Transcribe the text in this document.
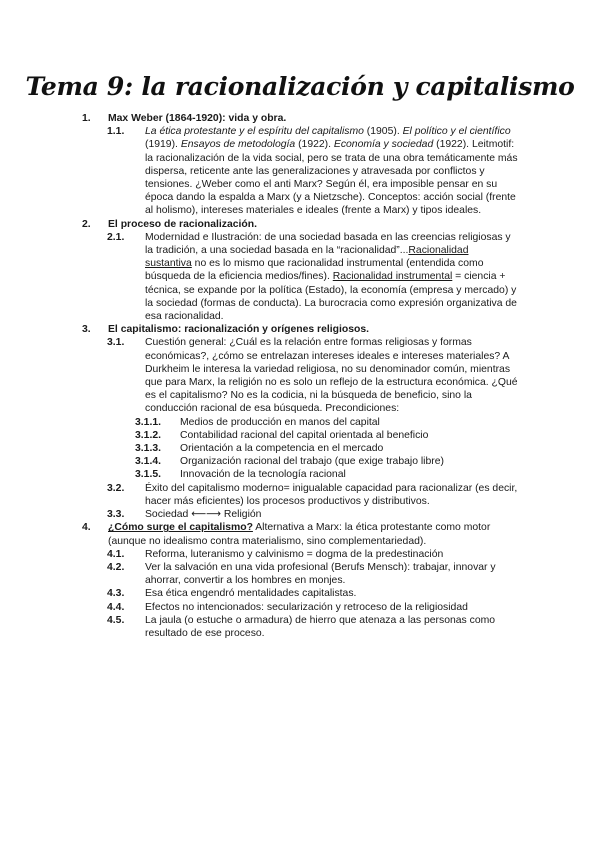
Tema 9: la racionalización y capitalismo
1. Max Weber (1864-1920): vida y obra.
1.1. La ética protestante y el espíritu del capitalismo (1905). El político y el científico (1919). Ensayos de metodología (1922). Economía y sociedad (1922). Leitmotif: la racionalización de la vida social, pero se trata de una obra temáticamente más dispersa, reticente ante las generalizaciones y atravesada por conflictos y tensiones. ¿Weber como el anti Marx? Según él, era imposible pensar en su época dando la espalda a Marx (y a Nietzsche). Conceptos: acción social (frente al holismo), intereses materiales e ideales (frente a Marx) y tipos ideales.
2. El proceso de racionalización.
2.1. Modernidad e Ilustración: de una sociedad basada en las creencias religiosas y la tradición, a una sociedad basada en la “racionalidad”...Racionalidad sustantiva no es lo mismo que racionalidad instrumental (entendida como búsqueda de la eficiencia medios/fines). Racionalidad instrumental = ciencia + técnica, se expande por la política (Estado), la economía (empresa y mercado) y la sociedad (formas de conducta). La burocracia como expresión organizativa de esa racionalidad.
3. El capitalismo: racionalización y orígenes religiosos.
3.1. Cuestión general: ¿Cuál es la relación entre formas religiosas y formas económicas?, ¿cómo se entrelazan intereses ideales e intereses materiales? A Durkheim le interesa la variedad religiosa, no su denominador común, mientras que para Marx, la religión no es solo un reflejo de la estructura económica. ¿Qué es el capitalismo? No es la codicia, ni la búsqueda de beneficio, sino la conducción racional de esa búsqueda. Precondiciones:
3.1.1. Medios de producción en manos del capital
3.1.2. Contabilidad racional del capital orientada al beneficio
3.1.3. Orientación a la competencia en el mercado
3.1.4. Organización racional del trabajo (que exige trabajo libre)
3.1.5. Innovación de la tecnología racional
3.2. Éxito del capitalismo moderno= inigualable capacidad para racionalizar (es decir, hacer más eficientes) los procesos productivos y distributivos.
3.3. Sociedad ⟵⟶ Religión
4. ¿Cómo surge el capitalismo? Alternativa a Marx: la ética protestante como motor (aunque no idealismo contra materialismo, sino complementariedad).
4.1. Reforma, luteranismo y calvinismo = dogma de la predestinación
4.2. Ver la salvación en una vida profesional (Berufs Mensch): trabajar, innovar y ahorrar, convertir a los hombres en monjes.
4.3. Esa ética engendró mentalidades capitalistas.
4.4. Efectos no intencionados: secularización y retroceso de la religiosidad
4.5. La jaula (o estuche o armadura) de hierro que atenaza a las personas como resultado de ese proceso.
